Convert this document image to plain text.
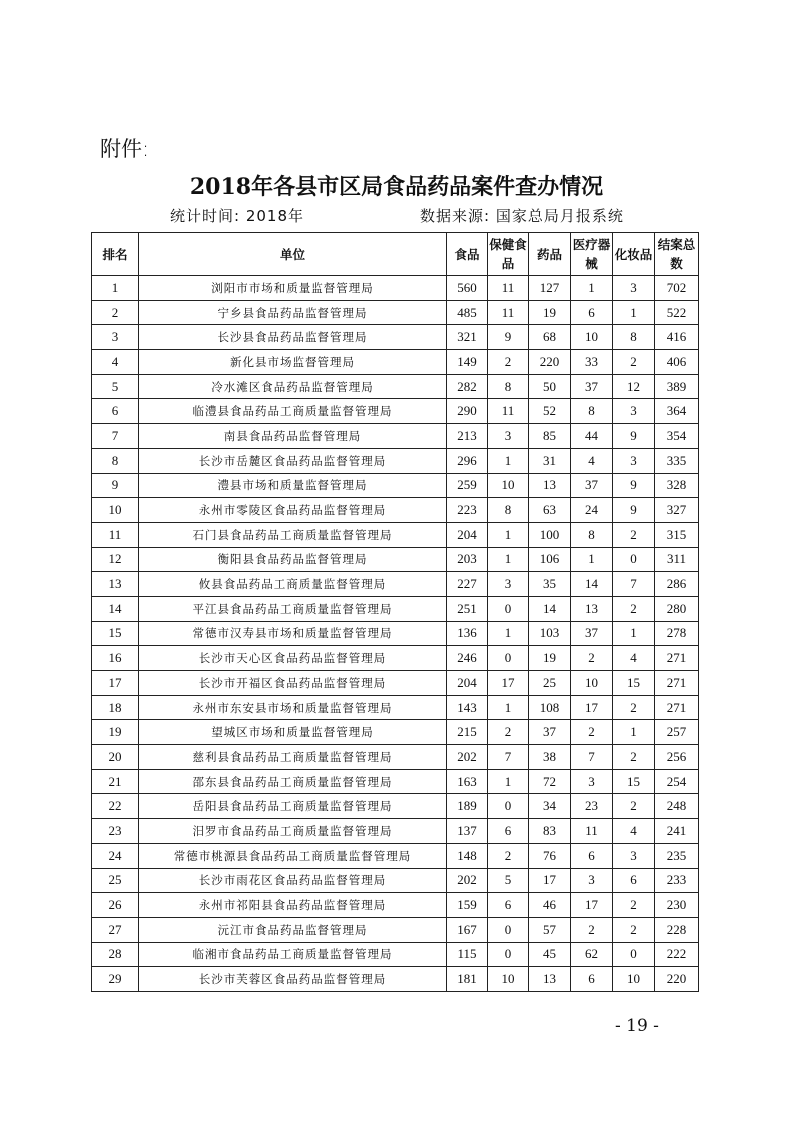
附件:
2018年各县市区局食品药品案件查办情况
统计时间: 2018年	数据来源: 国家总局月报系统
排名	单位	食品	保健食品	药品	医疗器械	化妆品	结案总数
1	浏阳市市场和质量监督管理局	560	11	127	1	3	702
2	宁乡县食品药品监督管理局	485	11	19	6	1	522
3	长沙县食品药品监督管理局	321	9	68	10	8	416
4	新化县市场监督管理局	149	2	220	33	2	406
5	冷水滩区食品药品监督管理局	282	8	50	37	12	389
6	临澧县食品药品工商质量监督管理局	290	11	52	8	3	364
7	南县食品药品监督管理局	213	3	85	44	9	354
8	长沙市岳麓区食品药品监督管理局	296	1	31	4	3	335
9	澧县市场和质量监督管理局	259	10	13	37	9	328
10	永州市零陵区食品药品监督管理局	223	8	63	24	9	327
11	石门县食品药品工商质量监督管理局	204	1	100	8	2	315
12	衡阳县食品药品监督管理局	203	1	106	1	0	311
13	攸县食品药品工商质量监督管理局	227	3	35	14	7	286
14	平江县食品药品工商质量监督管理局	251	0	14	13	2	280
15	常德市汉寿县市场和质量监督管理局	136	1	103	37	1	278
16	长沙市天心区食品药品监督管理局	246	0	19	2	4	271
17	长沙市开福区食品药品监督管理局	204	17	25	10	15	271
18	永州市东安县市场和质量监督管理局	143	1	108	17	2	271
19	望城区市场和质量监督管理局	215	2	37	2	1	257
20	慈利县食品药品工商质量监督管理局	202	7	38	7	2	256
21	邵东县食品药品工商质量监督管理局	163	1	72	3	15	254
22	岳阳县食品药品工商质量监督管理局	189	0	34	23	2	248
23	汨罗市食品药品工商质量监督管理局	137	6	83	11	4	241
24	常德市桃源县食品药品工商质量监督管理局	148	2	76	6	3	235
25	长沙市雨花区食品药品监督管理局	202	5	17	3	6	233
26	永州市祁阳县食品药品监督管理局	159	6	46	17	2	230
27	沅江市食品药品监督管理局	167	0	57	2	2	228
28	临湘市食品药品工商质量监督管理局	115	0	45	62	0	222
29	长沙市芙蓉区食品药品监督管理局	181	10	13	6	10	220
- 19 -
